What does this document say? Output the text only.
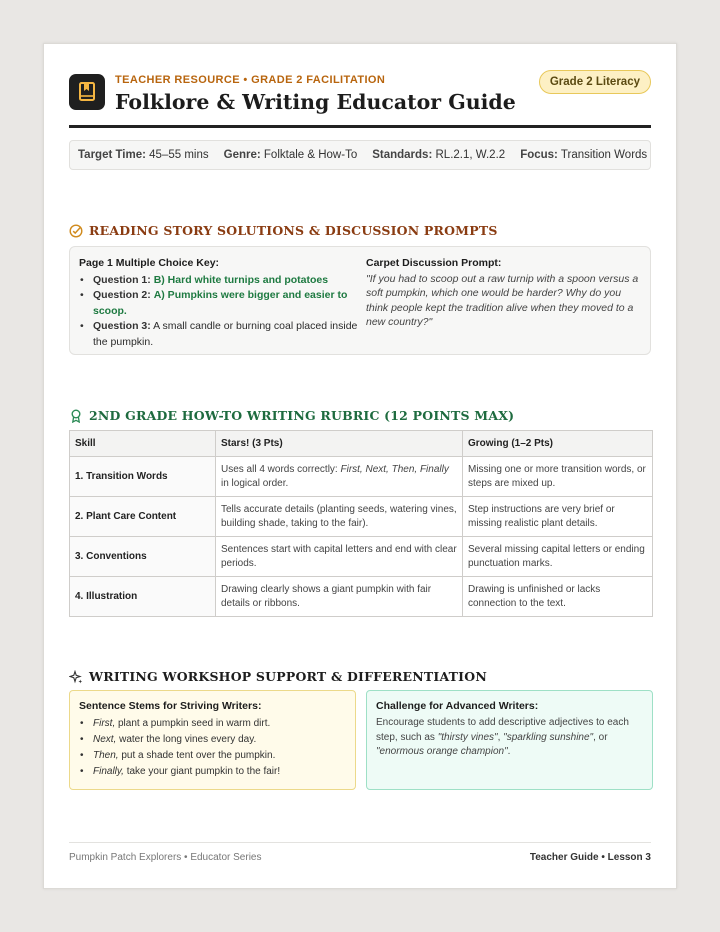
TEACHER RESOURCE • GRADE 2 FACILITATION
Folklore & Writing Educator Guide
Grade 2 Literacy
Target Time: 45–55 mins Genre: Folktale & How-To Standards: RL.2.1, W.2.2 Focus: Transition Words
READING STORY SOLUTIONS & DISCUSSION PROMPTS
Page 1 Multiple Choice Key:
• Question 1: B) Hard white turnips and potatoes
• Question 2: A) Pumpkins were bigger and easier to scoop.
• Question 3: A small candle or burning coal placed inside the pumpkin.
Carpet Discussion Prompt:
"If you had to scoop out a raw turnip with a spoon versus a soft pumpkin, which one would be harder? Why do you think people kept the tradition alive when they moved to a new country?"
2ND GRADE HOW-TO WRITING RUBRIC (12 POINTS MAX)
Skill	Stars! (3 Pts)	Growing (1–2 Pts)
1. Transition Words	Uses all 4 words correctly: First, Next, Then, Finally in logical order.	Missing one or more transition words, or steps are mixed up.
2. Plant Care Content	Tells accurate details (planting seeds, watering vines, building shade, taking to the fair).	Step instructions are very brief or missing realistic plant details.
3. Conventions	Sentences start with capital letters and end with clear periods.	Several missing capital letters or ending punctuation marks.
4. Illustration	Drawing clearly shows a giant pumpkin with fair details or ribbons.	Drawing is unfinished or lacks connection to the text.
WRITING WORKSHOP SUPPORT & DIFFERENTIATION
Sentence Stems for Striving Writers:
• First, plant a pumpkin seed in warm dirt.
• Next, water the long vines every day.
• Then, put a shade tent over the pumpkin.
• Finally, take your giant pumpkin to the fair!
Challenge for Advanced Writers:

Encourage students to add descriptive adjectives to each step, such as "thirsty vines", "sparkling sunshine", or "enormous orange champion".

Pumpkin Patch Explorers • Educator Series	Teacher Guide • Lesson 3
